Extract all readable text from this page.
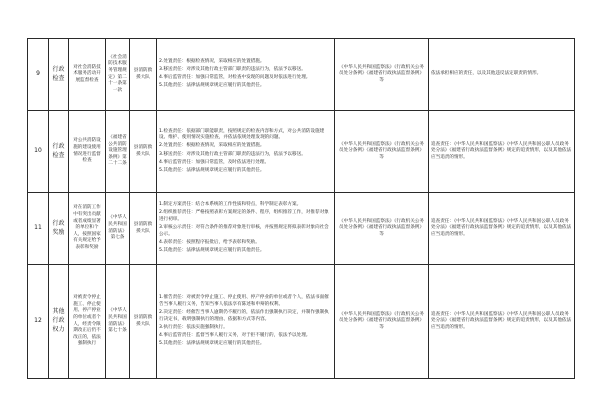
9	行政检查	对社会消防技术服务活动开展监督检查	《社会消防技术服务管理规定》第二十一条第一款	县消防救援大队	2.处置责任：根据检查情况，采取相应的处置措施。

3.移送责任：对涉及其他行政主管部门职责的违法行为，依法予以移送。

4.事后监管责任：加强日常监管，对检查中发现的问题及时依法进行处理。

5.其他责任：法律法规规章规定应履行的其他责任。	《中华人民共和国监察法》《行政机关公务员处分条例》《福建省行政执法监督条例》等	依法承担相应的责任，以及其他违反法定职责的情形。
10	行政检查	对公共消防设施的建设使用情况进行监督检查	《福建省公共消防设施管理条例》第二十二条	县消防救援大队	1.检查责任：依据部门职能职责，按照规定的检查内容和方式，对公共消防设施建设、维护、使用情况实施检查，并依法依规处理发现的问题。

2.处置责任：根据检查情况，采取相应的处置措施。

3.移送责任：对涉及其他行政主管部门职责的违法行为，依法予以移送。

4.事后监管责任：加强日常监管，及时依法进行处理。

5.其他责任：法律法规规章规定应履行的其他责任。	《中华人民共和国监察法》《行政机关公务员处分条例》《福建省行政执法监督条例》等	追查责任：《中华人民共和国监察法》《中华人民共和国公职人员政务处分法》《福建省行政执法监督条例》规定的追责情形，以及其他依法应当追责的情形。
11	行政奖励	对在消防工作中有突出贡献或者成绩显著的单位和个人，按照国家有关规定给予表彰和奖励	《中华人民共和国消防法》第七条	县消防救援大队	1.制定方案责任：结合本系统的工作性质和特点，科学制定表彰方案。

2.组织推荐责任：严格按照表彰方案规定的条件、程序，组织推荐工作，对推荐对象进行初审。

3.审核公示责任：对符合条件的推荐对象进行审核，并按照规定将拟表彰对象向社会公示。

4.表彰责任：按照程序报批后，给予表彰和奖励。

5.其他责任：法律法规规章规定应履行的其他责任。	《中华人民共和国监察法》《行政机关公务员处分条例》《福建省行政执法监督条例》等	追查责任：《中华人民共和国监察法》《中华人民共和国公职人员政务处分法》《福建省行政执法监督条例》规定的追责情形，以及其他依法应当追责的情形。
12	其他行政权力	对被责令停止施工、停止使用、停产停业的单位或者个人，经责令限期改正后仍不改正的，依法强制执行	《中华人民共和国消防法》第七十条	县消防救援大队	1.催告责任：对被责令停止施工、停止使用、停产停业的单位或者个人，依法书面催告当事人履行义务，告知当事人依法享有陈述和申辩的权利。

2.决定责任：经催告当事人逾期仍不履行的，依法作出强制执行决定，并制作强制执行决定书，载明强制执行的理由、依据和方式等内容。

3.执行责任：依法实施强制执行。

4.事后监管责任：监督当事人履行义务，对于拒不履行的，依法予以处理。

5.其他责任：法律法规规章规定应履行的其他责任。	《中华人民共和国监察法》《行政机关公务员处分条例》《福建省行政执法监督条例》等	追查责任：《中华人民共和国监察法》《中华人民共和国公职人员政务处分法》《福建省行政执法监督条例》规定的追责情形，以及其他依法应当追责的情形。
